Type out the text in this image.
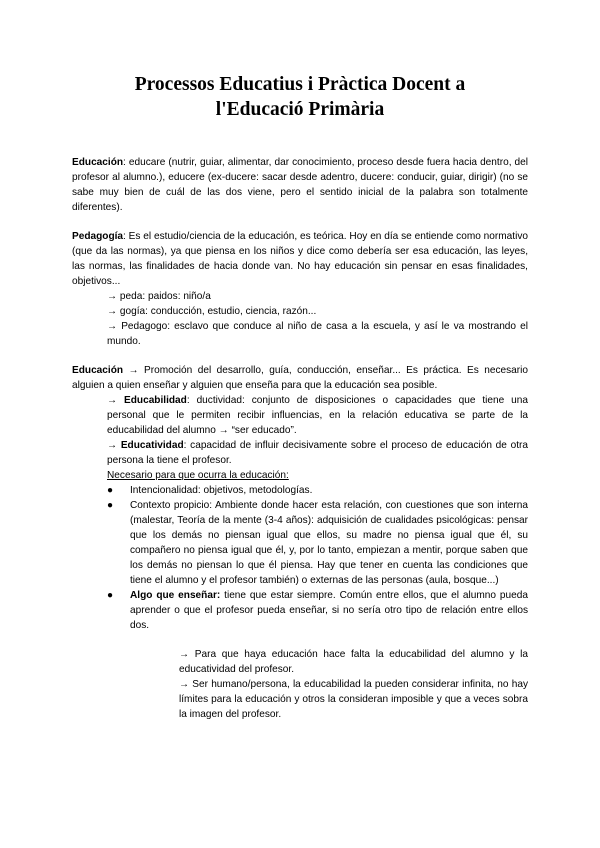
Processos Educatius i Pràctica Docent a
l'Educació Primària

Educación: educare (nutrir, guiar, alimentar, dar conocimiento, proceso desde fuera hacia dentro, del profesor al alumno.), educere (ex-ducere: sacar desde adentro, ducere: conducir, guiar, dirigir) (no se sabe muy bien de cuál de las dos viene, pero el sentido inicial de la palabra son totalmente diferentes).

Pedagogía: Es el estudio/ciencia de la educación, es teórica. Hoy en día se entiende como normativo (que da las normas), ya que piensa en los niños y dice como debería ser esa educación, las leyes, las normas, las finalidades de hacia donde van. No hay educación sin pensar en esas finalidades, objetivos...

→ peda: paidos: niño/a

→ gogía: conducción, estudio, ciencia, razón...

→ Pedagogo: esclavo que conduce al niño de casa a la escuela, y así le va mostrando el mundo.

Educación → Promoción del desarrollo, guía, conducción, enseñar... Es práctica. Es necesario alguien a quien enseñar y alguien que enseña para que la educación sea posible.

→ Educabilidad: ductividad: conjunto de disposiciones o capacidades que tiene una personal que le permiten recibir influencias, en la relación educativa se parte de la educabilidad del alumno → “ser educado”.

→ Educatividad: capacidad de influir decisivamente sobre el proceso de educación de otra persona la tiene el profesor.

Necesario para que ocurra la educación:

● Intencionalidad: objetivos, metodologías.
● Contexto propicio: Ambiente donde hacer esta relación, con cuestiones que son interna (malestar, Teoría de la mente (3-4 años): adquisición de cualidades psicológicas: pensar que los demás no piensan igual que ellos, su madre no piensa igual que él, su compañero no piensa igual que él, y, por lo tanto, empiezan a mentir, porque saben que los demás no piensan lo que él piensa. Hay que tener en cuenta las condiciones que tiene el alumno y el profesor también) o externas de las personas (aula, bosque...)
● Algo que enseñar: tiene que estar siempre. Común entre ellos, que el alumno pueda aprender o que el profesor pueda enseñar, si no sería otro tipo de relación entre ellos dos.

→ Para que haya educación hace falta la educabilidad del alumno y la educatividad del profesor.

→ Ser humano/persona, la educabilidad la pueden considerar infinita, no hay límites para la educación y otros la consideran imposible y que a veces sobra la imagen del profesor.
